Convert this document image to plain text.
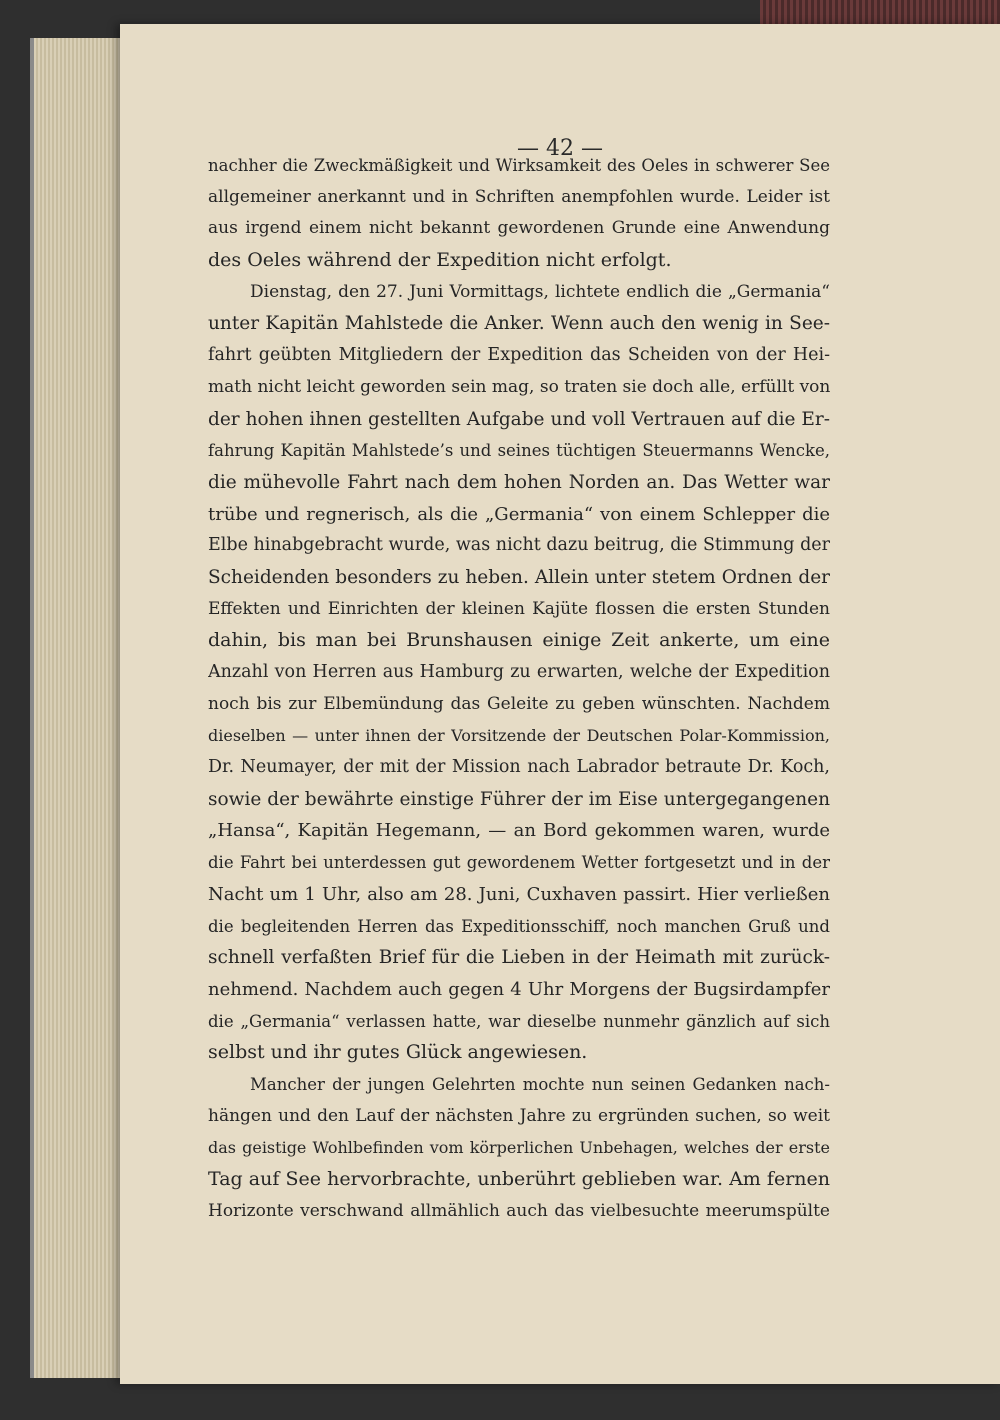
— 42 —
nachher die Zweckmäßigkeit und Wirksamkeit des Oeles in schwerer See
allgemeiner anerkannt und in Schriften anempfohlen wurde. Leider ist
aus irgend einem nicht bekannt gewordenen Grunde eine Anwendung
des Oeles während der Expedition nicht erfolgt.
Dienstag, den 27. Juni Vormittags, lichtete endlich die „Germania“
unter Kapitän Mahlstede die Anker. Wenn auch den wenig in See-
fahrt geübten Mitgliedern der Expedition das Scheiden von der Hei-
math nicht leicht geworden sein mag, so traten sie doch alle, erfüllt von
der hohen ihnen gestellten Aufgabe und voll Vertrauen auf die Er-
fahrung Kapitän Mahlstede’s und seines tüchtigen Steuermanns Wencke,
die mühevolle Fahrt nach dem hohen Norden an. Das Wetter war
trübe und regnerisch, als die „Germania“ von einem Schlepper die
Elbe hinabgebracht wurde, was nicht dazu beitrug, die Stimmung der
Scheidenden besonders zu heben. Allein unter stetem Ordnen der
Effekten und Einrichten der kleinen Kajüte flossen die ersten Stunden
dahin, bis man bei Brunshausen einige Zeit ankerte, um eine
Anzahl von Herren aus Hamburg zu erwarten, welche der Expedition
noch bis zur Elbemündung das Geleite zu geben wünschten. Nachdem
dieselben — unter ihnen der Vorsitzende der Deutschen Polar-Kommission,
Dr. Neumayer, der mit der Mission nach Labrador betraute Dr. Koch,
sowie der bewährte einstige Führer der im Eise untergegangenen
„Hansa“, Kapitän Hegemann, — an Bord gekommen waren, wurde
die Fahrt bei unterdessen gut gewordenem Wetter fortgesetzt und in der
Nacht um 1 Uhr, also am 28. Juni, Cuxhaven passirt. Hier verließen
die begleitenden Herren das Expeditionsschiff, noch manchen Gruß und
schnell verfaßten Brief für die Lieben in der Heimath mit zurück-
nehmend. Nachdem auch gegen 4 Uhr Morgens der Bugsirdampfer
die „Germania“ verlassen hatte, war dieselbe nunmehr gänzlich auf sich
selbst und ihr gutes Glück angewiesen.
Mancher der jungen Gelehrten mochte nun seinen Gedanken nach-
hängen und den Lauf der nächsten Jahre zu ergründen suchen, so weit
das geistige Wohlbefinden vom körperlichen Unbehagen, welches der erste
Tag auf See hervorbrachte, unberührt geblieben war. Am fernen
Horizonte verschwand allmählich auch das vielbesuchte meerumspülte
